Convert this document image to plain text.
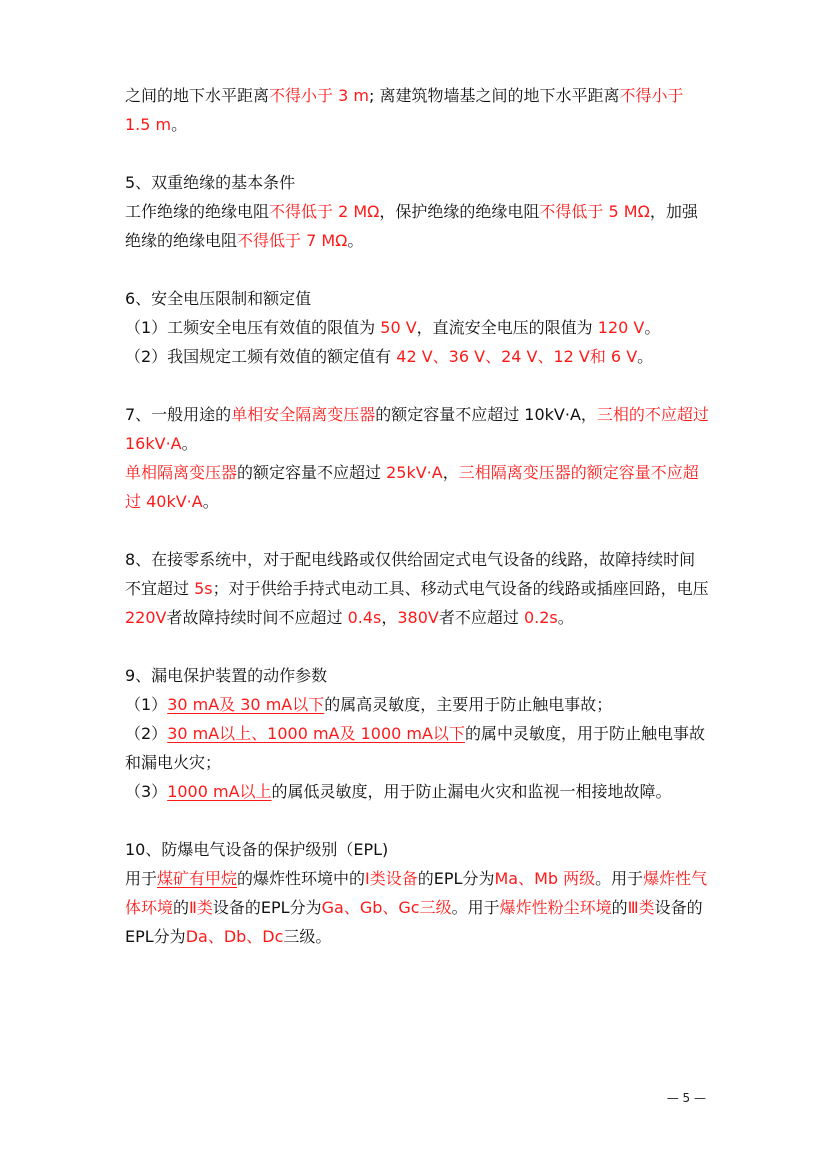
之间的地下水平距离不得小于 3 m; 离建筑物墙基之间的地下水平距离不得小于 1.5 m。

5、双重绝缘的基本条件

工作绝缘的绝缘电阻不得低于 2 MΩ，保护绝缘的绝缘电阻不得低于 5 MΩ，加强绝缘的绝缘电阻不得低于 7 MΩ。

6、安全电压限制和额定值

（1）工频安全电压有效值的限值为 50 V，直流安全电压的限值为 120 V。

（2）我国规定工频有效值的额定值有 42 V、36 V、24 V、12 V和 6 V。

7、一般用途的单相安全隔离变压器的额定容量不应超过 10kV·A，三相的不应超过 16kV·A。

单相隔离变压器的额定容量不应超过 25kV·A，三相隔离变压器的额定容量不应超过 40kV·A。

8、在接零系统中，对于配电线路或仅供给固定式电气设备的线路，故障持续时间不宜超过 5s；对于供给手持式电动工具、移动式电气设备的线路或插座回路，电压 220V者故障持续时间不应超过 0.4s，380V者不应超过 0.2s。

9、漏电保护装置的动作参数

（1）30 mA及 30 mA以下的属高灵敏度，主要用于防止触电事故；

（2）30 mA以上、1000 mA及 1000 mA以下的属中灵敏度，用于防止触电事故和漏电火灾；

（3）1000 mA以上的属低灵敏度，用于防止漏电火灾和监视一相接地故障。

10、防爆电气设备的保护级别（EPL)

用于煤矿有甲烷的爆炸性环境中的Ⅰ类设备的EPL分为Ma、Mb 两级。用于爆炸性气体环境的Ⅱ类设备的EPL分为Ga、Gb、Gc三级。用于爆炸性粉尘环境的Ⅲ类设备的EPL分为Da、Db、Dc三级。

— 5 —
